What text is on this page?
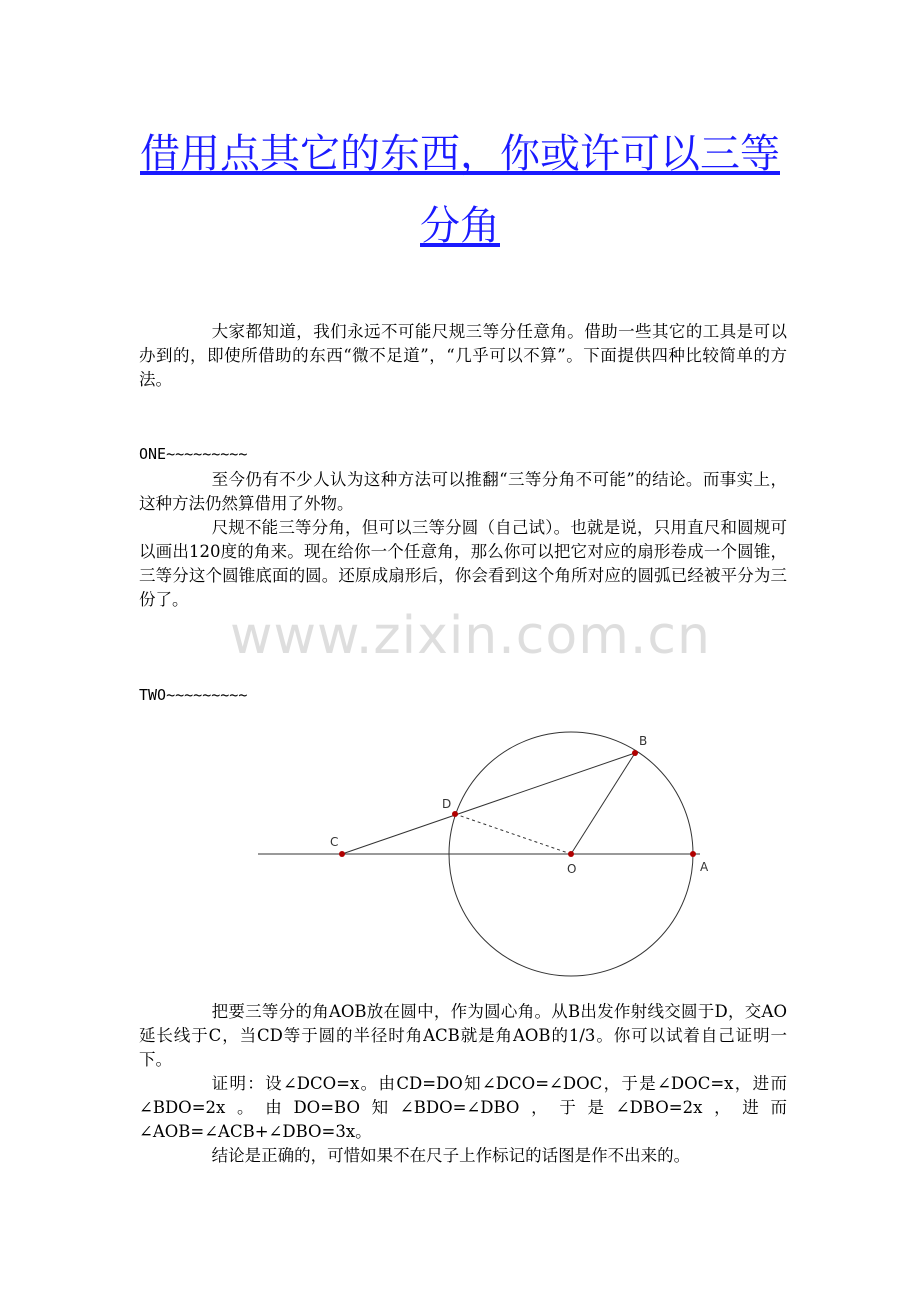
借用点其它的东西，你或许可以三等
分角

大家都知道，我们永远不可能尺规三等分任意角。借助一些其它的工具是可以办到的，即使所借助的东西“微不足道”，“几乎可以不算”。下面提供四种比较简单的方法。

ONE~~~~~~~~~

至今仍有不少人认为这种方法可以推翻“三等分角不可能”的结论。而事实上，这种方法仍然算借用了外物。

尺规不能三等分角，但可以三等分圆（自己试）。也就是说，只用直尺和圆规可以画出120度的角来。现在给你一个任意角，那么你可以把它对应的扇形卷成一个圆锥，三等分这个圆锥底面的圆。还原成扇形后，你会看到这个角所对应的圆弧已经被平分为三份了。

www.zixin.com.cn
TWO~~~~~~~~~
C
D
O	A
B

把要三等分的角AOB放在圆中，作为圆心角。从B出发作射线交圆于D，交AO延长线于C，当CD等于圆的半径时角ACB就是角AOB的1/3。你可以试着自己证明一下。

证明：设∠DCO=x。由CD=DO知∠DCO=∠DOC，于是∠DOC=x，进而∠BDO=2x。由DO=BO知∠BDO=∠DBO，于是∠DBO=2x，进而∠AOB=∠ACB+∠DBO=3x。

结论是正确的，可惜如果不在尺子上作标记的话图是作不出来的。
